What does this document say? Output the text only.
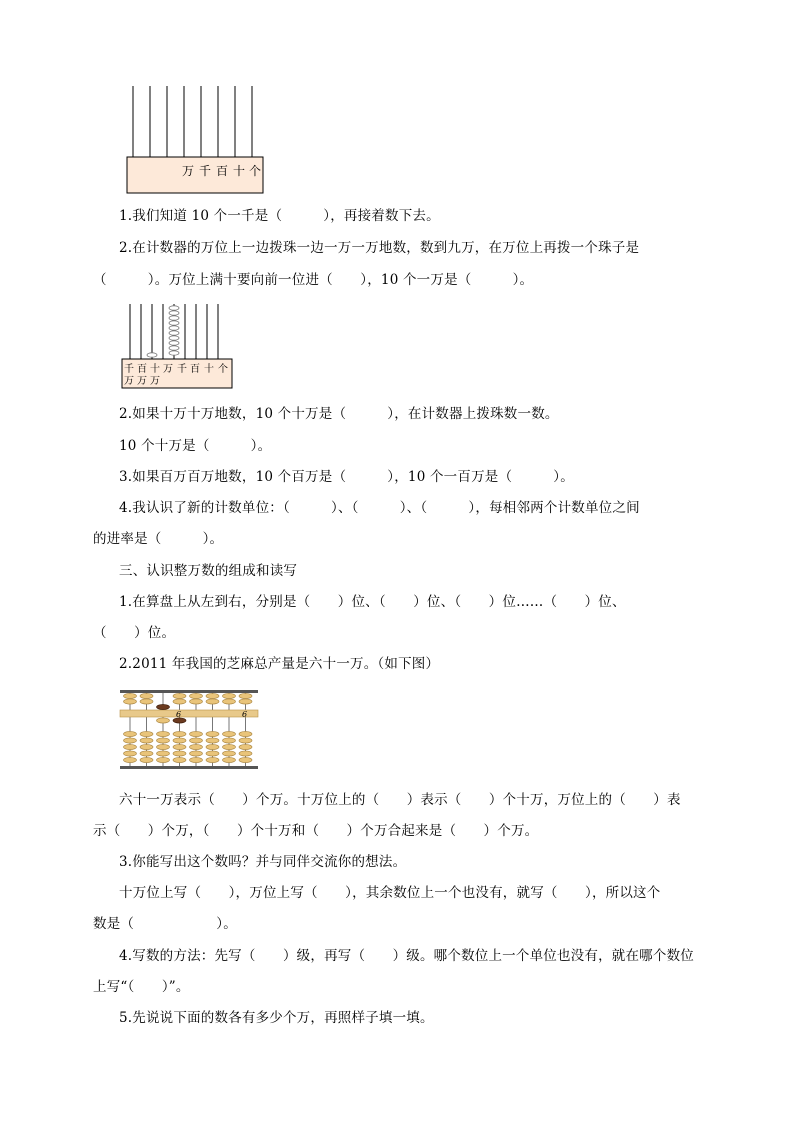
万 千 百 十 个
1.我们知道 10 个一千是（　　　），再接着数下去。
2.在计数器的万位上一边拨珠一边一万一万地数，数到九万，在万位上再拨一个珠子是
（　　　）。万位上满十要向前一位进（　　），10 个一万是（　　　）。
千 百 十 万 千 百 十 个
万 万 万
2.如果十万十万地数，10 个十万是（　　　），在计数器上拨珠数一数。
10 个十万是（　　　）。
3.如果百万百万地数，10 个百万是（　　　），10 个一百万是（　　　）。
4.我认识了新的计数单位：（　　　）、（　　　）、（　　　），每相邻两个计数单位之间
的进率是（　　　）。
三、认识整万数的组成和读写
1.在算盘上从左到右，分别是（　　）位、（　　）位、（　　）位……（　　）位、
（　　）位。
2.2011 年我国的芝麻总产量是六十一万。（如下图）
6	6
六十一万表示（　　）个万。十万位上的（　　）表示（　　）个十万，万位上的（　　）表
示（　　）个万，（　　）个十万和（　　）个万合起来是（　　）个万。
3.你能写出这个数吗？并与同伴交流你的想法。
十万位上写（　　），万位上写（　　），其余数位上一个也没有，就写（　　），所以这个
数是（　　　　　　）。
4.写数的方法：先写（　　）级，再写（　　）级。哪个数位上一个单位也没有，就在哪个数位
上写“（　　）”。
5.先说说下面的数各有多少个万，再照样子填一填。
